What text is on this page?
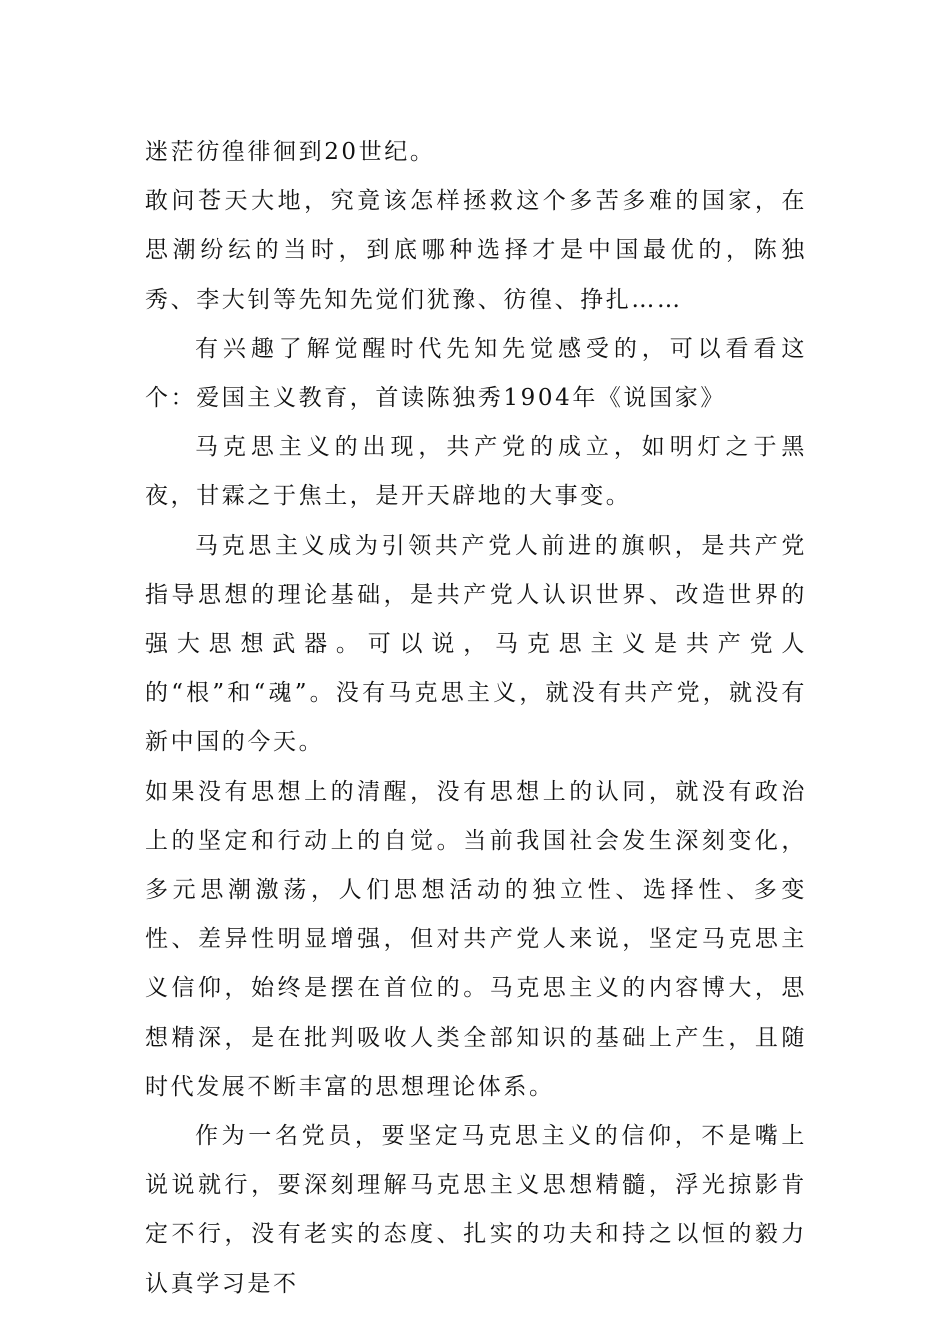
迷茫彷徨徘徊到20世纪。

敢问苍天大地，究竟该怎样拯救这个多苦多难的国家，在思潮纷纭的当时，到底哪种选择才是中国最优的，陈独秀、李大钊等先知先觉们犹豫、彷徨、挣扎……

有兴趣了解觉醒时代先知先觉感受的，可以看看这个：爱国主义教育，首读陈独秀1904年《说国家》

马克思主义的出现，共产党的成立，如明灯之于黑夜，甘霖之于焦土，是开天辟地的大事变。

马克思主义成为引领共产党人前进的旗帜，是共产党指导思想的理论基础，是共产党人认识世界、改造世界的强大思想武器。可以说，马克思主义是共产党人的“根”和“魂”。没有马克思主义，就没有共产党，就没有新中国的今天。

如果没有思想上的清醒，没有思想上的认同，就没有政治上的坚定和行动上的自觉。当前我国社会发生深刻变化，多元思潮激荡，人们思想活动的独立性、选择性、多变性、差异性明显增强，但对共产党人来说，坚定马克思主义信仰，始终是摆在首位的。马克思主义的内容博大，思想精深，是在批判吸收人类全部知识的基础上产生，且随时代发展不断丰富的思想理论体系。

作为一名党员，要坚定马克思主义的信仰，不是嘴上说说就行，要深刻理解马克思主义思想精髓，浮光掠影肯定不行，没有老实的态度、扎实的功夫和持之以恒的毅力认真学习是不
